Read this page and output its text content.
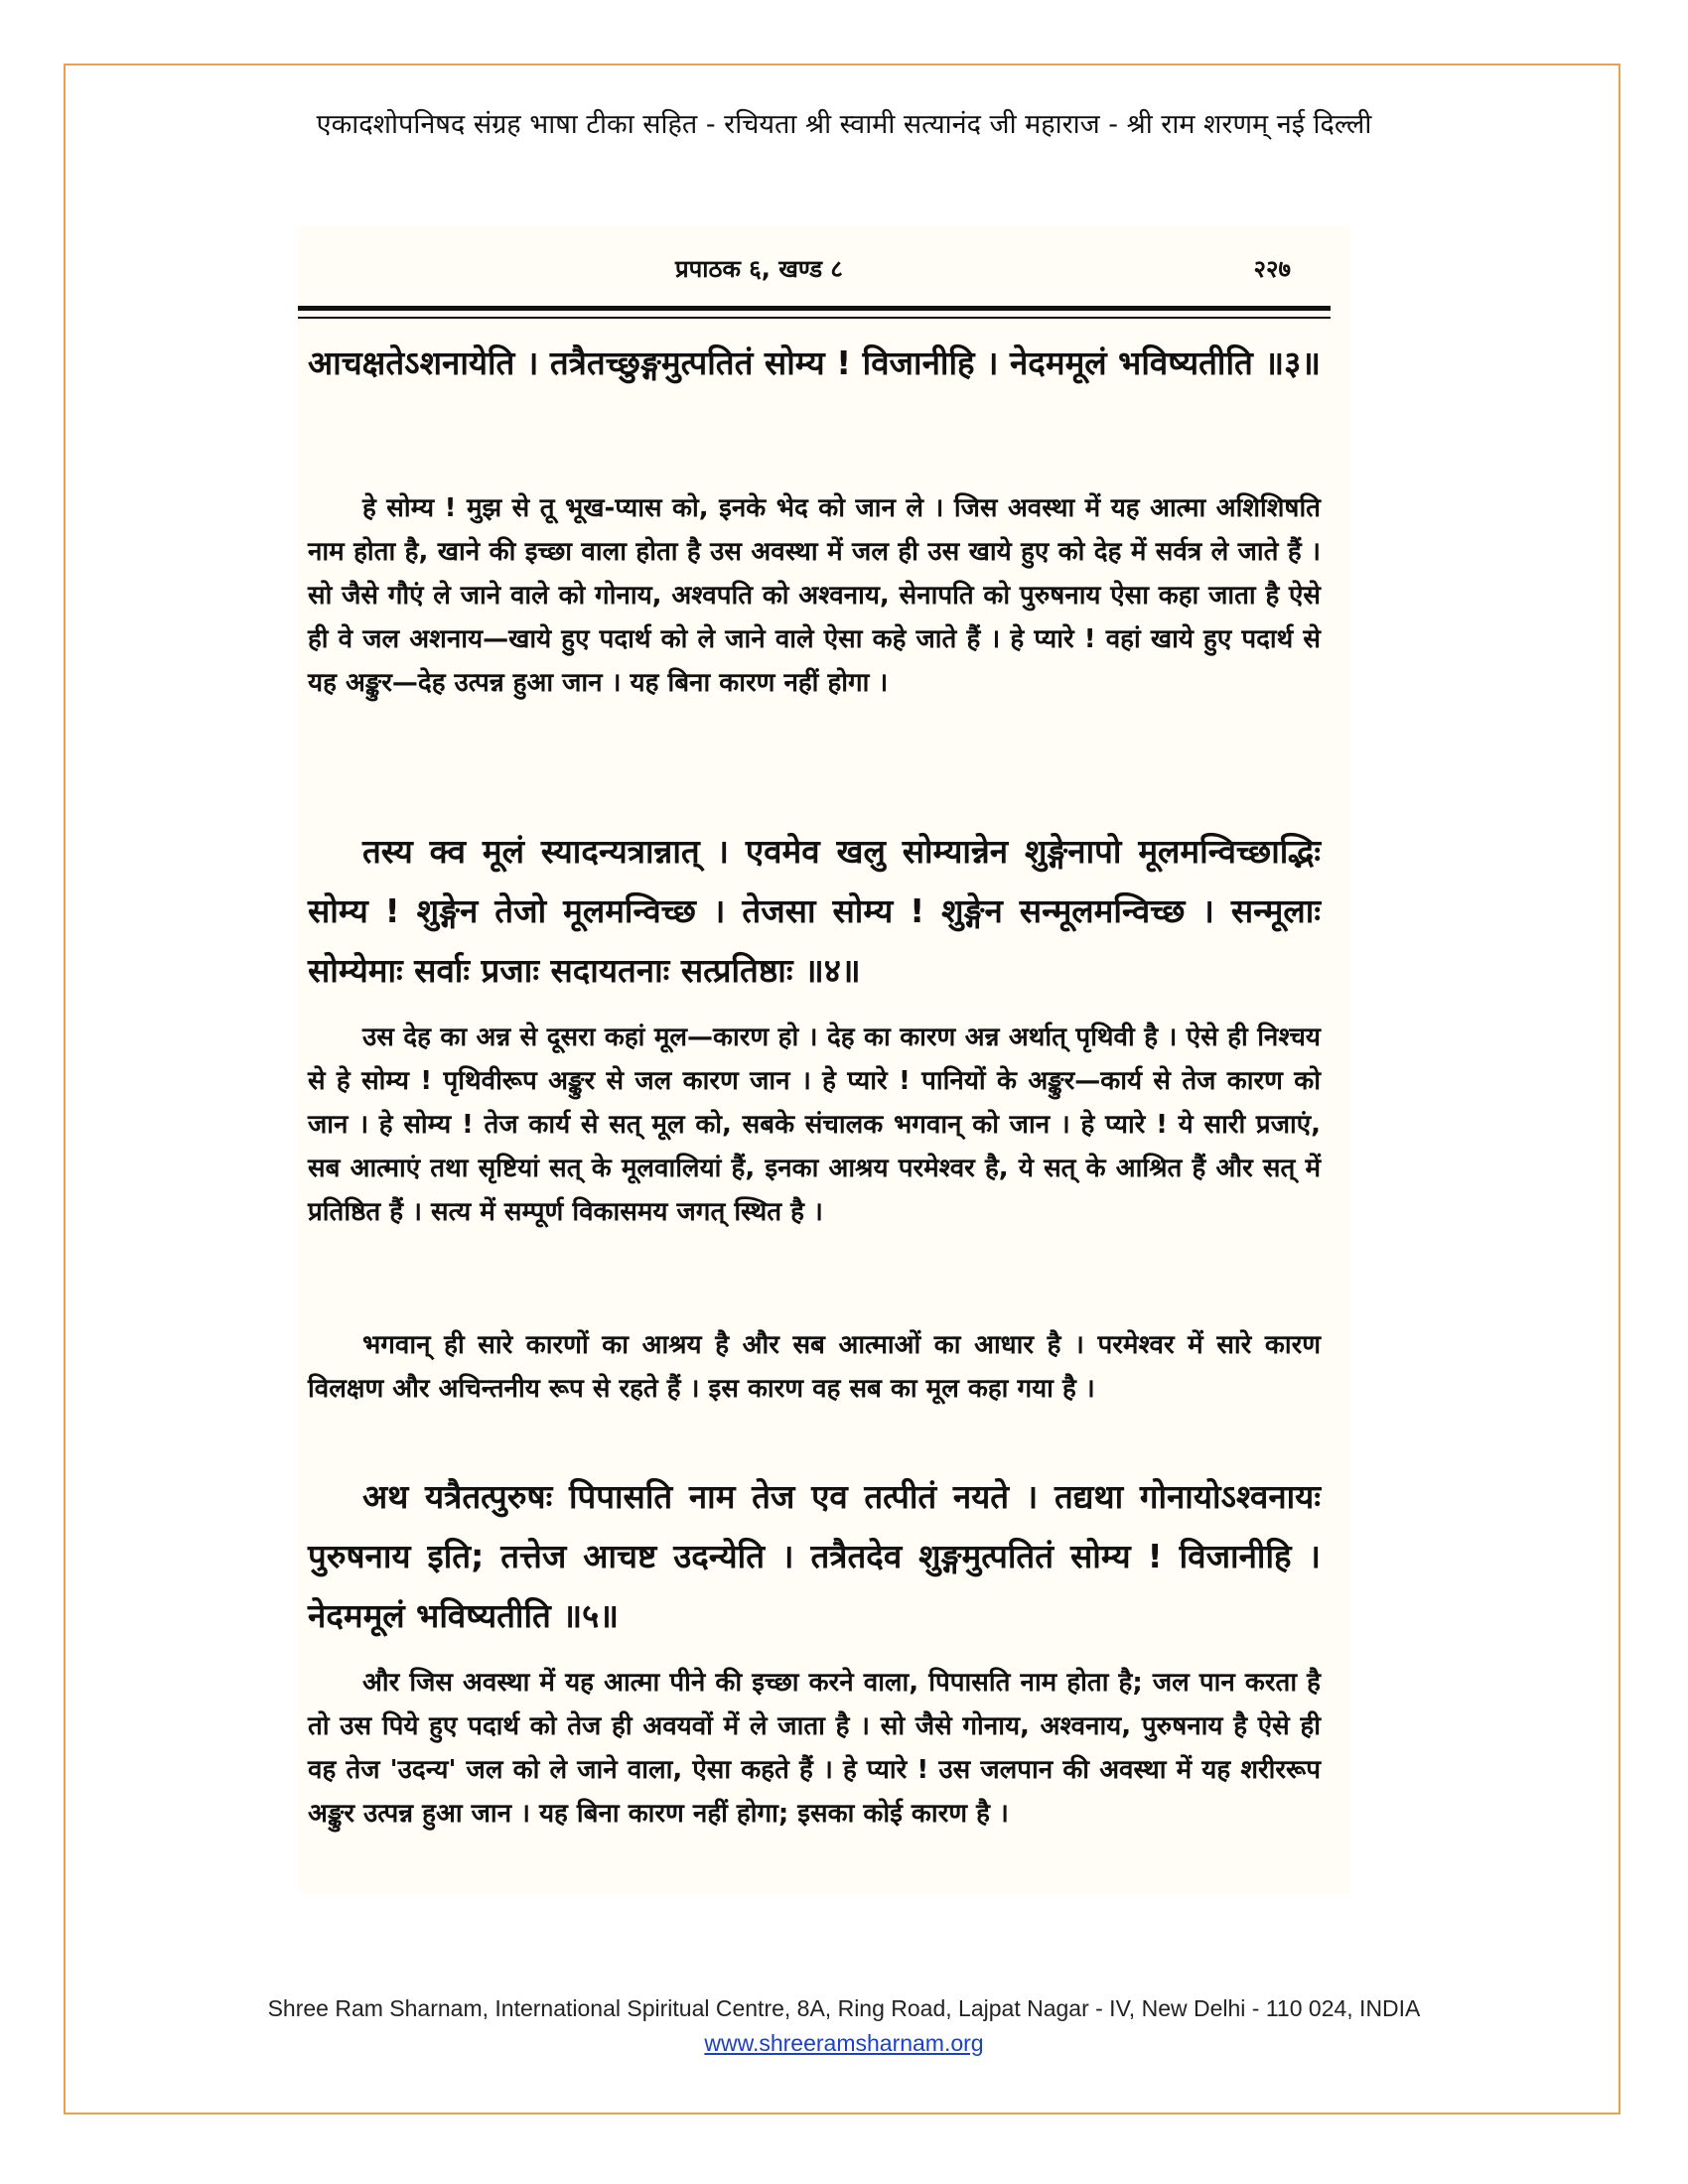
एकादशोपनिषद संग्रह भाषा टीका सहित - रचियता श्री स्वामी सत्यानंद जी महाराज - श्री राम शरणम् नई दिल्ली
प्रपाठक ६, खण्ड ८	२२७

आचक्षतेऽशनायेति । तत्रैतच्छुङ्गमुत्पतितं सोम्य ! विजानीहि । नेदममूलं भविष्यतीति ॥३॥

हे सोम्य ! मुझ से तू भूख-प्यास को, इनके भेद को जान ले । जिस अवस्था में यह आत्मा अशिशिषति नाम होता है, खाने की इच्छा वाला होता है उस अवस्था में जल ही उस खाये हुए को देह में सर्वत्र ले जाते हैं । सो जैसे गौएं ले जाने वाले को गोनाय, अश्वपति को अश्वनाय, सेनापति को पुरुषनाय ऐसा कहा जाता है ऐसे ही वे जल अशनाय—खाये हुए पदार्थ को ले जाने वाले ऐसा कहे जाते हैं । हे प्यारे ! वहां खाये हुए पदार्थ से यह अङ्कुर—देह उत्पन्न हुआ जान । यह बिना कारण नहीं होगा ।

तस्य क्व मूलं स्यादन्यत्रान्नात् । एवमेव खलु सोम्यान्नेन शुङ्गेनापो मूलमन्विच्छाद्भिः सोम्य ! शुङ्गेन तेजो मूलमन्विच्छ । तेजसा सोम्य ! शुङ्गेन सन्मूलमन्विच्छ । सन्मूलाः सोम्येमाः सर्वाः प्रजाः सदायतनाः सत्प्रतिष्ठाः ॥४॥

उस देह का अन्न से दूसरा कहां मूल—कारण हो । देह का कारण अन्न अर्थात् पृथिवी है । ऐसे ही निश्चय से हे सोम्य ! पृथिवीरूप अङ्कुर से जल कारण जान । हे प्यारे ! पानियों के अङ्कुर—कार्य से तेज कारण को जान । हे सोम्य ! तेज कार्य से सत् मूल को, सबके संचालक भगवान् को जान । हे प्यारे ! ये सारी प्रजाएं, सब आत्माएं तथा सृष्टियां सत् के मूलवालियां हैं, इनका आश्रय परमेश्वर है, ये सत् के आश्रित हैं और सत् में प्रतिष्ठित हैं । सत्य में सम्पूर्ण विकासमय जगत् स्थित है ।

भगवान् ही सारे कारणों का आश्रय है और सब आत्माओं का आधार है । परमेश्वर में सारे कारण विलक्षण और अचिन्तनीय रूप से रहते हैं । इस कारण वह सब का मूल कहा गया है ।

अथ यत्रैतत्पुरुषः पिपासति नाम तेज एव तत्पीतं नयते । तद्यथा गोनायोऽश्वनायः पुरुषनाय इति; तत्तेज आचष्ट उदन्येति । तत्रैतदेव शुङ्गमुत्पतितं सोम्य ! विजानीहि । नेदममूलं भविष्यतीति ॥५॥

और जिस अवस्था में यह आत्मा पीने की इच्छा करने वाला, पिपासति नाम होता है; जल पान करता है तो उस पिये हुए पदार्थ को तेज ही अवयवों में ले जाता है । सो जैसे गोनाय, अश्वनाय, पुरुषनाय है ऐसे ही वह तेज 'उदन्य' जल को ले जाने वाला, ऐसा कहते हैं । हे प्यारे ! उस जलपान की अवस्था में यह शरीररूप अङ्कुर उत्पन्न हुआ जान । यह बिना कारण नहीं होगा; इसका कोई कारण है ।

Shree Ram Sharnam, International Spiritual Centre, 8A, Ring Road, Lajpat Nagar - IV, New Delhi - 110 024, INDIA
www.shreeramsharnam.org
